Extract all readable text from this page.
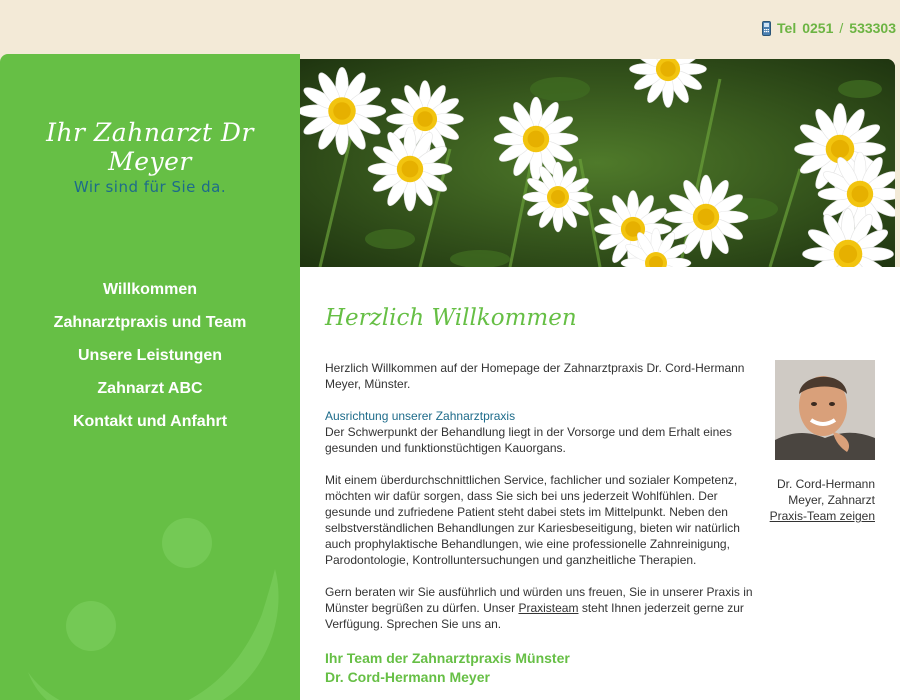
Tel 0251 / 533303
Ihr Zahnarzt Dr Meyer
Wir sind für Sie da.
Willkommen
Zahnarztpraxis und Team
Unsere Leistungen
Zahnarzt ABC
Kontakt und Anfahrt
Herzlich Willkommen

Herzlich Willkommen auf der Homepage der Zahnarztpraxis Dr. Cord-Hermann Meyer, Münster.

Ausrichtung unserer Zahnarztpraxis
Der Schwerpunkt der Behandlung liegt in der Vorsorge und dem Erhalt eines gesunden und funktionstüchtigen Kauorgans.

Mit einem überdurchschnittlichen Service, fachlicher und sozialer Kompetenz, möchten wir dafür sorgen, dass Sie sich bei uns jederzeit Wohlfühlen. Der gesunde und zufriedene Patient steht dabei stets im Mittelpunkt. Neben den selbstverständlichen Behandlungen zur Kariesbeseitigung, bieten wir natürlich auch prophylaktische Behandlungen, wie eine professionelle Zahnreinigung, Parodontologie, Kontrolluntersuchungen und ganzheitliche Therapien.

Gern beraten wir Sie ausführlich und würden uns freuen, Sie in unserer Praxis in Münster begrüßen zu dürfen. Unser Praxisteam steht Ihnen jederzeit gerne zur Verfügung. Sprechen Sie uns an.

Ihr Team der Zahnarztpraxis Münster
Dr. Cord-Hermann Meyer
Dr. Cord-Hermann
Meyer, Zahnarzt
Praxis-Team zeigen
